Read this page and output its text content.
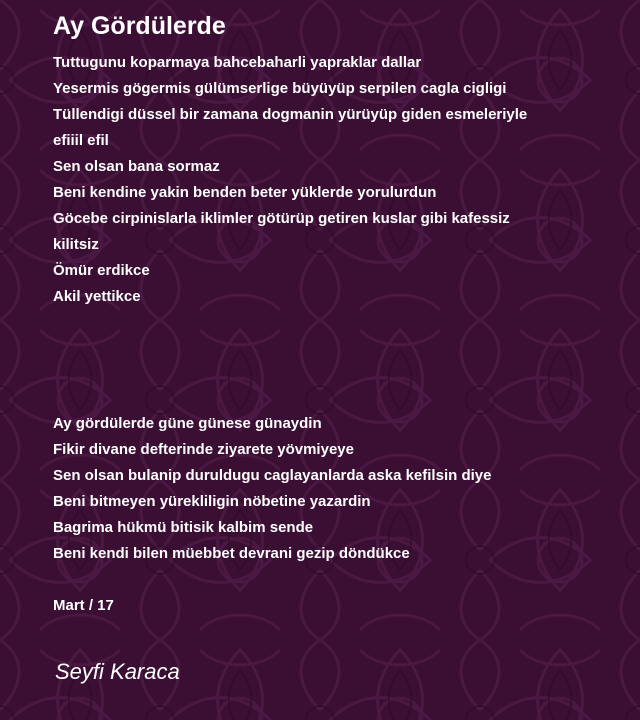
Ay Gördülerde
Tuttugunu koparmaya bahcebaharli yapraklar dallar
Yesermis gögermis gülümserlige büyüyüp serpilen cagla cigligi
Tüllendigi düssel bir zamana dogmanin yürüyüp giden esmeleriyle
efiiil efil
Sen olsan bana sormaz
Beni kendine yakin benden beter yüklerde yorulurdun
Göcebe cirpinislarla iklimler götürüp getiren kuslar gibi kafessiz
kilitsiz
Ömür erdikce
Akil yettikce
Ay gördülerde güne günese günaydin
Fikir divane defterinde ziyarete yövmiyeye
Sen olsan bulanip duruldugu caglayanlarda aska kefilsin diye
Beni bitmeyen yürekliligin nöbetine yazardin
Bagrima hükmü bitisik kalbim sende
Beni kendi bilen müebbet devrani gezip döndükce
Mart / 17
Seyfi Karaca
